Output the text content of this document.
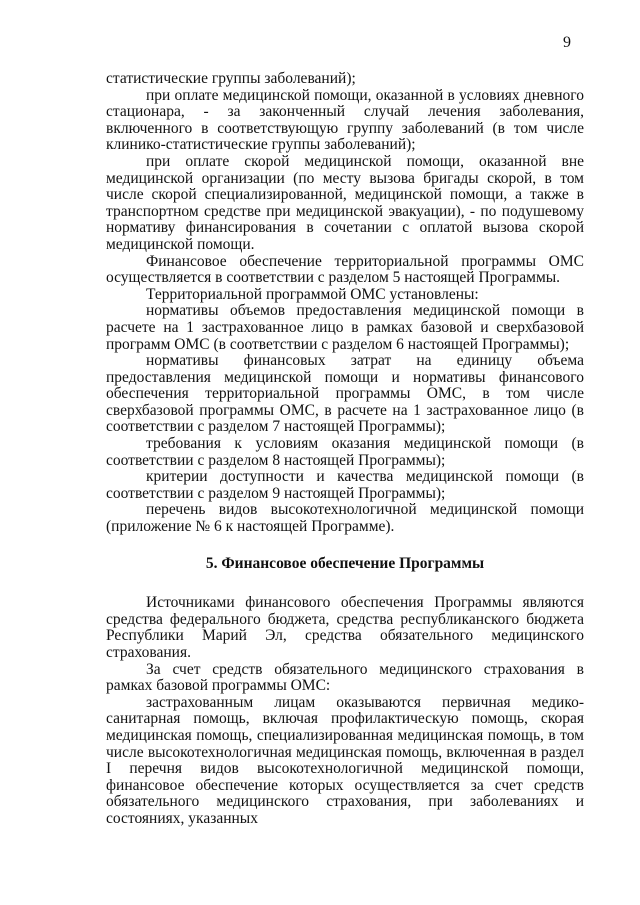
9

статистические группы заболеваний);

при оплате медицинской помощи, оказанной в условиях дневного стационара, - за законченный случай лечения заболевания, включенного в соответствующую группу заболеваний (в том числе клинико-статистические группы заболеваний);

при оплате скорой медицинской помощи, оказанной вне медицинской организации (по месту вызова бригады скорой, в том числе скорой специализированной, медицинской помощи, а также в транспортном средстве при медицинской эвакуации), - по подушевому нормативу финансирования в сочетании с оплатой вызова скорой медицинской помощи.

Финансовое обеспечение территориальной программы ОМС осуществляется в соответствии с разделом 5 настоящей Программы.

Территориальной программой ОМС установлены:

нормативы объемов предоставления медицинской помощи в расчете на 1 застрахованное лицо в рамках базовой и сверхбазовой программ ОМС (в соответствии с разделом 6 настоящей Программы);

нормативы финансовых затрат на единицу объема предоставления медицинской помощи и нормативы финансового обеспечения территориальной программы ОМС, в том числе сверхбазовой программы ОМС, в расчете на 1 застрахованное лицо (в соответствии с разделом 7 настоящей Программы);

требования к условиям оказания медицинской помощи (в соответствии с разделом 8 настоящей Программы);

критерии доступности и качества медицинской помощи (в соответствии с разделом 9 настоящей Программы);

перечень видов высокотехнологичной медицинской помощи (приложение № 6 к настоящей Программе).

5. Финансовое обеспечение Программы

Источниками финансового обеспечения Программы являются средства федерального бюджета, средства республиканского бюджета Республики Марий Эл, средства обязательного медицинского страхования.

За счет средств обязательного медицинского страхования в рамках базовой программы ОМС:

застрахованным лицам оказываются первичная медико-санитарная помощь, включая профилактическую помощь, скорая медицинская помощь, специализированная медицинская помощь, в том числе высокотехнологичная медицинская помощь, включенная в раздел I перечня видов высокотехнологичной медицинской помощи, финансовое обеспечение которых осуществляется за счет средств обязательного медицинского страхования, при заболеваниях и состояниях, указанных
